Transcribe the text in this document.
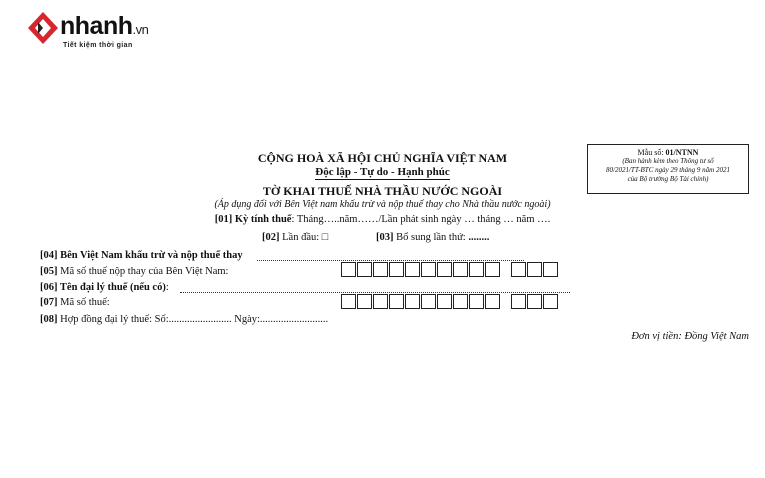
nhanh.vn
Tiết kiệm thời gian
Mẫu số: 01/NTNN
(Ban hành kèm theo Thông tư số
80/2021/TT-BTC ngày 29 tháng 9 năm 2021
của Bộ trưởng Bộ Tài chính)
CỘNG HOÀ XÃ HỘI CHỦ NGHĨA VIỆT NAM
Độc lập - Tự do - Hạnh phúc
TỜ KHAI THUẾ NHÀ THẦU NƯỚC NGOÀI
(Áp dụng đối với Bên Việt nam khấu trừ và nộp thuế thay cho Nhà thầu nước ngoài)
[01] Kỳ tính thuế: Tháng…..năm……/Lần phát sinh ngày … tháng … năm ….
[02] Lần đầu: □	[03] Bổ sung lần thứ: ........
[04] Bên Việt Nam khấu trừ và nộp thuế thay
[05] Mã số thuế nộp thay của Bên Việt Nam:
[06] Tên đại lý thuế (nếu có):
[07] Mã số thuế:
[08] Hợp đồng đại lý thuế: Số:........................ Ngày:..........................
Đơn vị tiền: Đồng Việt Nam
